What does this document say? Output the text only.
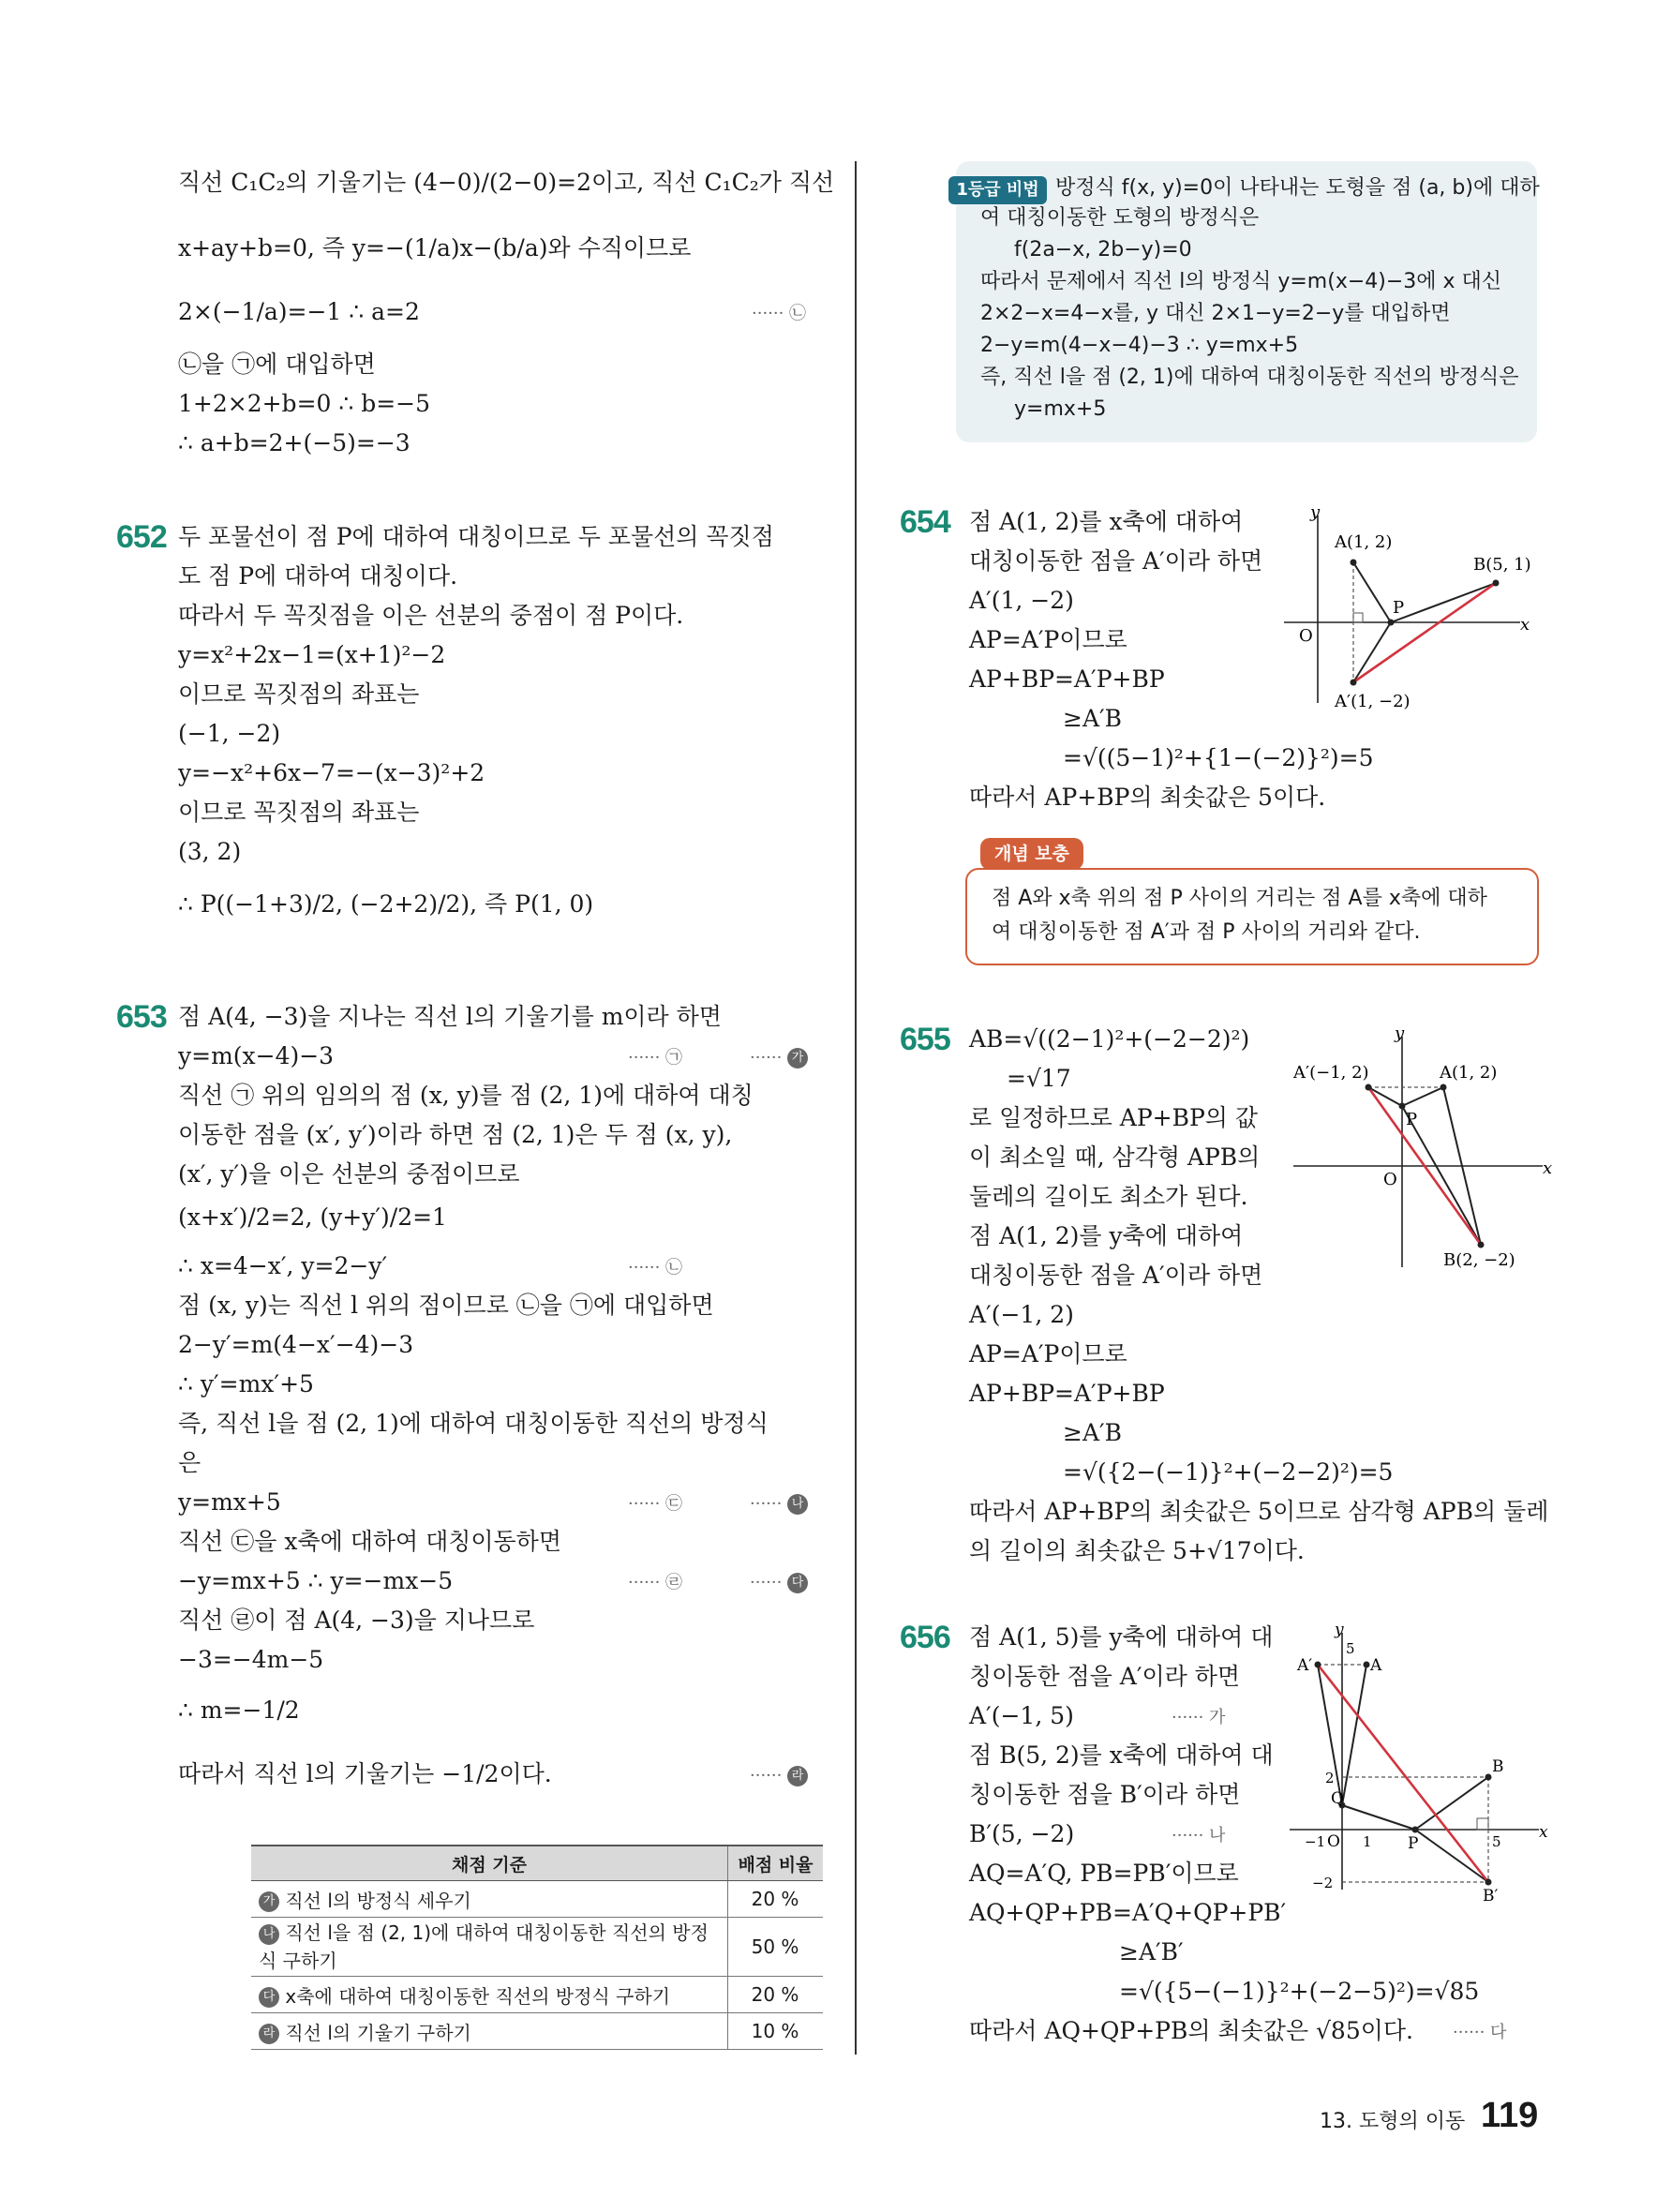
직선 C₁C₂의 기울기는 (4−0)/(2−0)=2이고, 직선 C₁C₂가 직선
x+ay+b=0, 즉 y=−(1/a)x−(b/a)와 수직이므로
2×(−1/a)=−1 ∴ a=2	······ ㉡
㉡을 ㉠에 대입하면
1+2×2+b=0 ∴ b=−5
∴ a+b=2+(−5)=−3
652 두 포물선이 점 P에 대하여 대칭이므로 두 포물선의 꼭짓점
도 점 P에 대하여 대칭이다.
따라서 두 꼭짓점을 이은 선분의 중점이 점 P이다.
y=x²+2x−1=(x+1)²−2
이므로 꼭짓점의 좌표는
(−1, −2)
y=−x²+6x−7=−(x−3)²+2
이므로 꼭짓점의 좌표는
(3, 2)
∴ P((−1+3)/2, (−2+2)/2), 즉 P(1, 0)
653 점 A(4, −3)을 지나는 직선 l의 기울기를 m이라 하면
y=m(x−4)−3	······ ㉠	······ 가
직선 ㉠ 위의 임의의 점 (x, y)를 점 (2, 1)에 대하여 대칭
이동한 점을 (x′, y′)이라 하면 점 (2, 1)은 두 점 (x, y),
(x′, y′)을 이은 선분의 중점이므로
(x+x′)/2=2, (y+y′)/2=1
∴ x=4−x′, y=2−y′	······ ㉡
점 (x, y)는 직선 l 위의 점이므로 ㉡을 ㉠에 대입하면
2−y′=m(4−x′−4)−3
∴ y′=mx′+5
즉, 직선 l을 점 (2, 1)에 대하여 대칭이동한 직선의 방정식
은
y=mx+5	······ ㉢	······ 나
직선 ㉢을 x축에 대하여 대칭이동하면
−y=mx+5 ∴ y=−mx−5	······ ㉣	······ 다
직선 ㉣이 점 A(4, −3)을 지나므로
−3=−4m−5
∴ m=−1/2
따라서 직선 l의 기울기는 −1/2이다.	······ 라
채점 기준	배점 비율
가 직선 l의 방정식 세우기	20 %
나 직선 l을 점 (2, 1)에 대하여 대칭이동한 직선의 방정식 구하기	50 %
다 x축에 대하여 대칭이동한 직선의 방정식 구하기	20 %
라 직선 l의 기울기 구하기	10 %
1등급 비법 방정식 f(x, y)=0이 나타내는 도형을 점 (a, b)에 대하
여 대칭이동한 도형의 방정식은
f(2a−x, 2b−y)=0
따라서 문제에서 직선 l의 방정식 y=m(x−4)−3에 x 대신
2×2−x=4−x를, y 대신 2×1−y=2−y를 대입하면
2−y=m(4−x−4)−3 ∴ y=mx+5
즉, 직선 l을 점 (2, 1)에 대하여 대칭이동한 직선의 방정식은
y=mx+5
654 점 A(1, 2)를 x축에 대하여
대칭이동한 점을 A′이라 하면
A′(1, −2)
AP=A′P이므로
AP+BP=A′P+BP
≥A′B
=√((5−1)²+{1−(−2)}²)=5
따라서 AP+BP의 최솟값은 5이다.
655 AB=√((2−1)²+(−2−2)²)
=√17
로 일정하므로 AP+BP의 값
이 최소일 때, 삼각형 APB의
둘레의 길이도 최소가 된다.
점 A(1, 2)를 y축에 대하여
대칭이동한 점을 A′이라 하면
A′(−1, 2)
AP=A′P이므로
AP+BP=A′P+BP
≥A′B
=√({2−(−1)}²+(−2−2)²)=5
따라서 AP+BP의 최솟값은 5이므로 삼각형 APB의 둘레
의 길이의 최솟값은 5+√17이다.
656 점 A(1, 5)를 y축에 대하여 대
칭이동한 점을 A′이라 하면
A′(−1, 5)	······ 가
점 B(5, 2)를 x축에 대하여 대
칭이동한 점을 B′이라 하면
B′(5, −2)	······ 나
AQ=A′Q, PB=PB′이므로
AQ+QP+PB=A′Q+QP+PB′
≥A′B′
=√({5−(−1)}²+(−2−5)²)=√85
따라서 AQ+QP+PB의 최솟값은 √85이다. ······ 다
개념 보충
점 A와 x축 위의 점 P 사이의 거리는 점 A를 x축에 대하
여 대칭이동한 점 A′과 점 P 사이의 거리와 같다.
y
x
O
A(1, 2)
B(5, 1)
P
A′(1, −2)
y
x
O
A′(−1, 2)	A(1, 2)
P
B(2, −2)
y
x
O
A′	A
B
B′
P
Q
5
2
−1	1	5
−2
13. 도형의 이동 119
